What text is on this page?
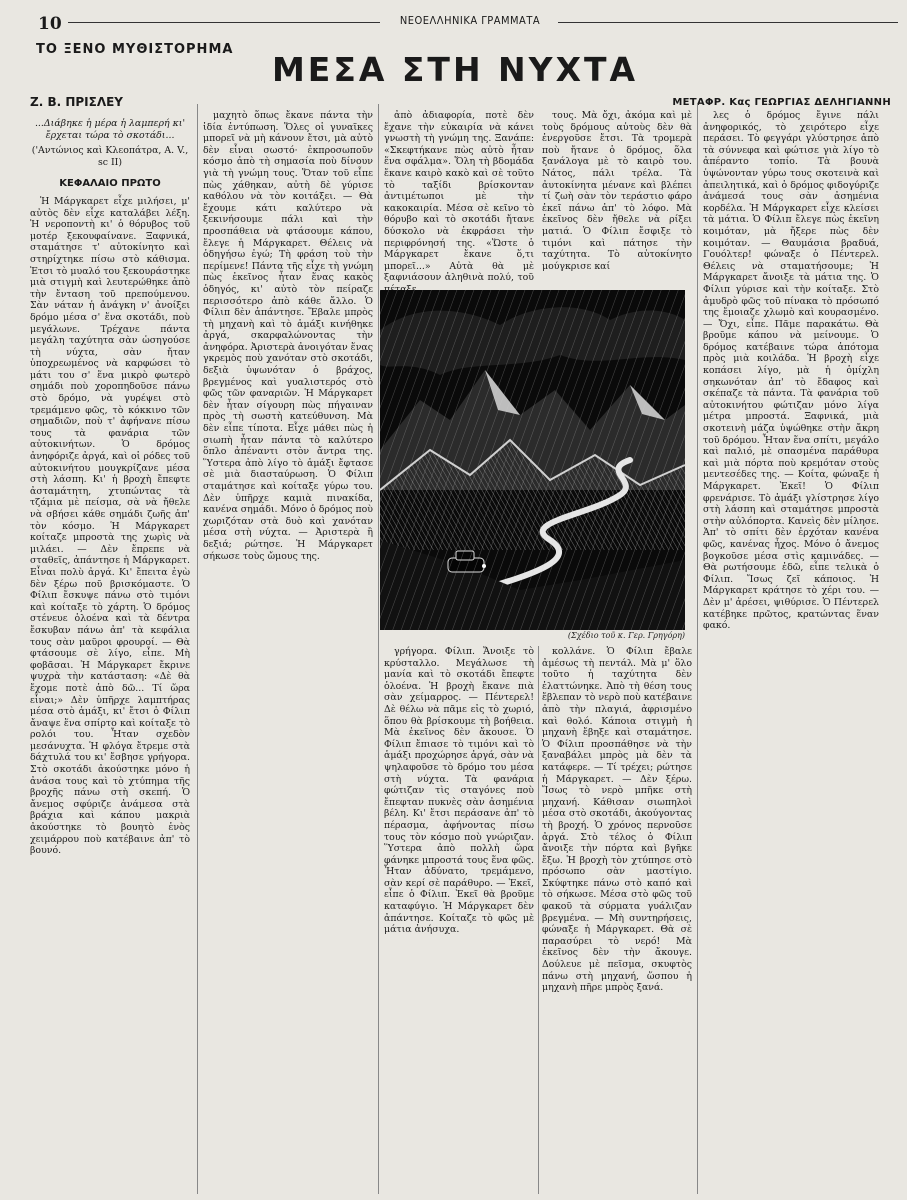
10	ΝΕΟΕΛΛΗΝΙΚΑ ΓΡΑΜΜΑΤΑ
ΤΟ ΞΕΝΟ ΜΥΘΙΣΤΟΡΗΜΑ
ΜΕΣΑ ΣΤΗ ΝΥΧΤΑ
Ζ. Β. ΠΡΙΣΛΕΥ	ΜΕΤΑΦΡ. Κας ΓΕΩΡΓΙΑΣ ΔΕΛΗΓΙΑΝΝΗ
...Διάβηκε ἡ μέρα ἡ λαμπερή κι' ἔρχεται τώρα τὸ σκοτάδι...
('Αντώνιος καὶ Κλεοπάτρα, Α. V., sc II)
ΚΕΦΑΛΑΙΟ ΠΡΩΤΟ

Ἡ Μάργκαρετ εἶχε μιλήσει, μ' αὐτὸς δὲν εἶχε καταλάβει λέξη. Ἡ νεροποντὴ κι' ὁ θόρυβος τοῦ μοτέρ ξεκουφαίνανε. Ξαφνικά, σταμάτησε τ' αὐτοκίνητο καὶ στηρίχτηκε πίσω στὸ κάθισμα. Ἐτσι τὸ μυαλό του ξεκουράστηκε μιὰ στιγμὴ καὶ λευτερώθηκε ἀπὸ τὴν ἔνταση τοῦ πρεπούμενου. Σὰν νάταν ἡ ἀνάγκη ν' ἀνοίξει δρόμο μέσα σ' ἕνα σκοτάδι, ποὺ μεγάλωνε. Τρέχανε πάντα μεγάλη ταχύτητα σὰν ὡσηγούσε τὴ νύχτα, σὰν ἤταν ὑποχρεωμένος νὰ καρφώσει τὸ μάτι του σ' ἕνα μικρὸ φωτερὸ σημάδι ποὺ χοροπηδοῦσε πάνω στὸ δρόμο, νὰ γυρέψει στὸ τρεμάμενο φῶς, τὸ κόκκινο τῶν σημαδιῶν, ποὺ τ' ἀφήνανε πίσω τους τὰ φανάρια τῶν αὐτοκινήτων. Ὁ δρόμος ἀνηφόριζε ἀργά, καὶ οἱ ρόδες τοῦ αὐτοκινήτου μουγκρίζανε μέσα στὴ λάσπη. Κι' ἡ βροχὴ ἔπεφτε ἀσταμάτητη, χτυπώντας τὰ τζάμια μὲ πείσμα, σὰ νὰ ἤθελε νὰ σβήσει κάθε σημάδι ζωῆς ἀπ' τὸν κόσμο. Ἡ Μάργκαρετ κοίταζε μπροστὰ της χωρὶς νὰ μιλάει. — Δὲν ἔπρεπε νὰ σταθεῖς, ἀπάντησε ἡ Μάργκαρετ. Εἶναι πολὺ ἀργά. Κι' ἔπειτα ἐγὼ δὲν ξέρω ποῦ βρισκόμαστε. Ὁ Φίλιπ ἔσκυψε πάνω στὸ τιμόνι καὶ κοίταξε τὸ χάρτη. Ὁ δρόμος στένευε ὁλοένα καὶ τὰ δέντρα ἔσκυβαν πάνω ἀπ' τὰ κεφάλια τους σὰν μαῦροι φρουροί. — Θὰ φτάσουμε σὲ λίγο, εἶπε. Μὴ φοβᾶσαι. Ἡ Μάργκαρετ ἔκρινε ψυχρὰ τὴν κατάσταση: «Δὲ θὰ ἔχομε ποτὲ ἀπὸ δῶ... Τί ὥρα εἶναι;» Δὲν ὑπῆρχε λαμπτήρας μέσα στὸ ἁμάξι, κι' ἔτσι ὁ Φίλιπ ἄναψε ἕνα σπίρτο καὶ κοίταξε τὸ ρολόι του. Ἦταν σχεδὸν μεσάνυχτα. Ἡ φλόγα ἔτρεμε στὰ δάχτυλά του κι' ἔσβησε γρήγορα. Στὸ σκοτάδι ἀκούστηκε μόνο ἡ ἀνάσα τους καὶ τὸ χτύπημα τῆς βροχῆς πάνω στὴ σκεπή. Ὁ ἄνεμος σφύριζε ἀνάμεσα στὰ βράχια καὶ κάπου μακριὰ ἀκούστηκε τὸ βουητὸ ἑνὸς χειμάρρου ποὺ κατέβαινε ἀπ' τὸ βουνό.

μαχητὸ ὅπως ἔκανε πάντα τὴν ἰδία ἐντύπωση. Ὅλες οἱ γυναῖκες μπορεῖ νὰ μὴ κάνουν ἔτσι, μὰ αὐτὸ δὲν εἶναι σωστό· ἐκπροσωποῦν κόσμο ἀπὸ τὴ σημασία ποὺ δίνουν γιὰ τὴ γνώμη τους. Ὅταν τοῦ εἶπε πὼς χάθηκαν, αὐτὴ δὲ γύρισε καθόλου νὰ τὸν κοιτάξει. — Θὰ ἔχουμε κάτι καλύτερο νὰ ξεκινήσουμε πάλι καὶ τὴν προσπάθεια νὰ φτάσουμε κάπου, ἔλεγε ἡ Μάργκαρετ. Θέλεις νὰ ὁδηγήσω ἐγώ; Τὴ φράση τοὺ τὴν περίμενε! Πάντα τῆς εἶχε τὴ γνώμη πὼς ἐκεῖνος ἦταν ἕνας κακὸς ὁδηγός, κι' αὐτὸ τὸν πείραζε περισσότερο ἀπὸ κάθε ἄλλο. Ὁ Φίλιπ δὲν ἀπάντησε. Ἔβαλε μπρὸς τὴ μηχανὴ καὶ τὸ ἁμάξι κινήθηκε ἀργά, σκαρφαλώνοντας τὴν ἀνηφόρα. Ἀριστερὰ ἀνοιγόταν ἕνας γκρεμὸς ποὺ χανόταν στὸ σκοτάδι, δεξιὰ ὑψωνόταν ὁ βράχος, βρεγμένος καὶ γυαλιστερός στὸ φῶς τῶν φαναριῶν. Ἡ Μάργκαρετ δὲν ἦταν σίγουρη πὼς πήγαιναν πρὸς τὴ σωστὴ κατεύθυνση. Μὰ δὲν εἶπε τίποτα. Εἶχε μάθει πὼς ἡ σιωπὴ ἦταν πάντα τὸ καλύτερο ὅπλο ἀπέναντι στὸν ἄντρα της. Ὕστερα ἀπὸ λίγο τὸ ἁμάξι ἔφτασε σὲ μιὰ διασταύρωση. Ὁ Φίλιπ σταμάτησε καὶ κοίταξε γύρω του. Δὲν ὑπῆρχε καμιὰ πινακίδα, κανένα σημάδι. Μόνο ὁ δρόμος ποὺ χωριζόταν στὰ δυὸ καὶ χανόταν μέσα στὴ νύχτα. — Ἀριστερὰ ἢ δεξιά; ρώτησε. Ἡ Μάργκαρετ σήκωσε τοὺς ὤμους της.

ἀπὸ ἀδιαφορία, ποτὲ δὲν ἔχανε τὴν εὐκαιρία νὰ κάνει γνωστὴ τὴ γνώμη της. Ξανάπε: «Σκεφτήκανε πὼς αὐτὸ ἦταν ἕνα σφάλμα». Ὅλη τὴ βδομάδα ἔκανε καιρὸ κακὸ καὶ σὲ τοῦτο τὸ ταξίδι βρίσκονταν ἀντιμέτωποι μὲ τὴν κακοκαιρία. Μέσα σὲ κεῖνο τὸ θόρυβο καὶ τὸ σκοτάδι ἤτανε δύσκολο νὰ ἐκφράσει τὴν περιφρόνησή της. «Ὥστε ὁ Μάργκαρετ ἔκανε ὅ,τι μπορεῖ...» Αὐτὰ θὰ μὲ ξαφνιάσουν ἀληθινὰ πολύ, τοῦ

τους. Μὰ ὄχι, ἀκόμα καὶ μὲ τοὺς δρόμους αὐτοὺς δὲν θὰ ἐνεργοῦσε ἔτσι. Τὰ τρομερὰ ποὺ ἤτανε ὁ δρόμος, ὅλα ξανάλογα μὲ τὸ καιρὸ του. Νάτος, πάλι τρέλα. Τὰ ἀυτοκίνητα μένανε καὶ βλέπει τί ζωὴ σὰν τὸν τεράστιο φάρο ἐκεῖ πάνω ἀπ' τὸ λόφο. Μὰ ἐκεῖνος δὲν ἤθελε νὰ ρίξει ματιά. Ὁ Φίλιπ ἔσφιξε τὸ τιμόνι καὶ πάτησε τὴν ταχύτητα. Τὸ αὐτοκίνητο μούγκρισε καί

λες ὁ δρόμος ἔγινε πάλι ἀνηφορικός, τὸ χειρότερο εἶχε περάσει. Τὸ φεγγάρι γλύστρησε ἀπὸ τὰ σύννεφα καὶ φώτισε γιὰ λίγο τὸ ἀπέραντο τοπίο. Τὰ βουνὰ ὑψώνονταν γύρω τους σκοτεινὰ καὶ ἀπειλητικά, καὶ ὁ δρόμος φιδογύριζε ἀνάμεσά τους σὰν ἀσημένια κορδέλα. Ἡ Μάργκαρετ εἶχε κλείσει τὰ μάτια. Ὁ Φίλιπ ἔλεγε πὼς ἐκεῖνη κοιμόταν, μὰ ἤξερε πὼς δὲν κοιμόταν. — Θαυμάσια βραδυά, Γουόλτερ! φώναξε ὁ Πέντερελ. Θέλεις νὰ σταματήσουμε; Ἡ Μάργκαρετ ἄνοιξε τὰ μάτια της. Ὁ Φίλιπ γύρισε καὶ τὴν κοίταξε. Στὸ ἀμυδρὸ φῶς τοῦ πίνακα τὸ πρόσωπό της ἔμοιαζε χλωμὸ καὶ κουρασμένο. — Ὄχι, εἶπε. Πᾶμε παρακάτω. Θὰ βροῦμε κάπου νὰ μείνουμε. Ὁ δρόμος κατέβαινε τώρα ἀπότομα πρὸς μιὰ κοιλάδα. Ἡ βροχὴ εἶχε κοπάσει λίγο, μὰ ἡ ὁμίχλη σηκωνόταν ἀπ' τὸ ἔδαφος καὶ σκέπαζε τὰ πάντα. Τὰ φανάρια τοῦ αὐτοκινήτου φώτιζαν μόνο λίγα μέτρα μπροστά. Ξαφνικά, μιὰ σκοτεινὴ μάζα ὑψώθηκε στὴν ἄκρη τοῦ δρόμου. Ἦταν ἕνα σπίτι, μεγάλο καὶ παλιό, μὲ σπασμένα παράθυρα καὶ μιὰ πόρτα ποὺ κρεμόταν στοὺς μεντεσέδες της. — Κοίτα, φώναξε ἡ Μάργκαρετ. Ἐκεῖ! Ὁ Φίλιπ φρενάρισε. Τὸ ἁμάξι γλίστρησε λίγο στὴ λάσπη καὶ σταμάτησε μπροστὰ στὴν αὐλόπορτα. Κανεὶς δὲν μίλησε. Ἀπ' τὸ σπίτι δὲν ἐρχόταν κανένα φῶς, κανένας ἦχος. Μόνο ὁ ἄνεμος βογκοῦσε μέσα στὶς καμινάδες. — Θὰ ρωτήσουμε ἐδῶ, εἶπε τελικὰ ὁ Φίλιπ. Ἴσως ζεῖ κάποιος. Ἡ Μάργκαρετ κράτησε τὸ χέρι του. — Δὲν μ' ἀρέσει, ψιθύρισε. Ὁ Πέντερελ κατέβηκε πρῶτος, κρατώντας ἕναν φακό.

(Σχέδιο τοῦ κ. Γερ. Γρηγόρη)

γρήγορα. Φίλιπ. Ἄνοιξε τὸ κρύσταλλο. Μεγάλωσε τὴ μανία καὶ τὸ σκοτάδι ἔπεφτε ὁλοένα. Ἡ βροχὴ ἔκανε πιὰ σὰν χείμαρρος. — Πέντερελ! Δὲ θέλω νὰ πᾶμε εἰς τὸ χωριό, ὅπου θὰ βρίσκουμε τὴ βοήθεια. Μὰ ἐκεῖνος δὲν ἄκουσε. Ὁ Φίλιπ ἔπιασε τὸ τιμόνι καὶ τὸ ἁμάξι προχώρησε ἀργά, σὰν νὰ ψηλαφοῦσε τὸ δρόμο του μέσα στὴ νύχτα. Τὰ φανάρια φώτιζαν τὶς σταγόνες ποὺ ἔπεφταν πυκνὲς σὰν ἀσημένια βέλη. Κι' ἔτσι περάσανε ἀπ' τὸ πέρασμα, ἀφήνοντας πίσω τους τὸν κόσμο ποὺ γνώριζαν. Ὕστερα ἀπὸ πολλὴ ὥρα φάνηκε μπροστά τους ἕνα φῶς. Ἦταν ἀδύνατο, τρεμάμενο, σὰν κερί σὲ παράθυρο. — Ἐκεῖ, εἶπε ὁ Φίλιπ. Ἐκεῖ θὰ βροῦμε καταφύγιο. Ἡ Μάργκαρετ δὲν ἀπάντησε. Κοίταζε τὸ φῶς μὲ μάτια ἀνήσυχα.

κολλάνε. Ὁ Φίλιπ ἔβαλε ἀμέσως τὴ πεντάλ. Μὰ μ' ὅλο τοῦτο ἡ ταχύτητα δὲν ἐλαττώνηκε. Ἀπὸ τὴ θέση τους ἔβλεπαν τὸ νερὸ ποὺ κατέβαινε ἀπὸ τὴν πλαγιά, ἀφρισμένο καὶ θολό. Κάποια στιγμὴ ἡ μηχανὴ ἔβηξε καὶ σταμάτησε. Ὁ Φίλιπ προσπάθησε νὰ τὴν ξαναβάλει μπρὸς μὰ δὲν τὰ κατάφερε. — Τί τρέχει; ρώτησε ἡ Μάργκαρετ. — Δὲν ξέρω. Ἴσως τὸ νερὸ μπῆκε στὴ μηχανή. Κάθισαν σιωπηλοὶ μέσα στὸ σκοτάδι, ἀκούγοντας τὴ βροχή. Ὁ χρόνος περνοῦσε ἀργά. Στὸ τέλος ὁ Φίλιπ ἄνοιξε τὴν πόρτα καὶ βγῆκε ἔξω. Ἡ βροχὴ τὸν χτύπησε στὸ πρόσωπο σὰν μαστίγιο. Σκύφτηκε πάνω στὸ καπό καὶ τὸ σήκωσε. Μέσα στὸ φῶς τοῦ φακοῦ τὰ σύρματα γυάλιζαν βρεγμένα. — Μὴ συντηρήσεις, φώναξε ἡ Μάργκαρετ. Θὰ σὲ παρασύρει τὸ νερό! Μὰ ἐκεῖνος δὲν τὴν ἄκουγε. Δούλευε μὲ πεῖσμα, σκυφτὸς πάνω στὴ μηχανή, ὥσπου ἡ μηχανὴ πῆρε μπρὸς ξανά.
